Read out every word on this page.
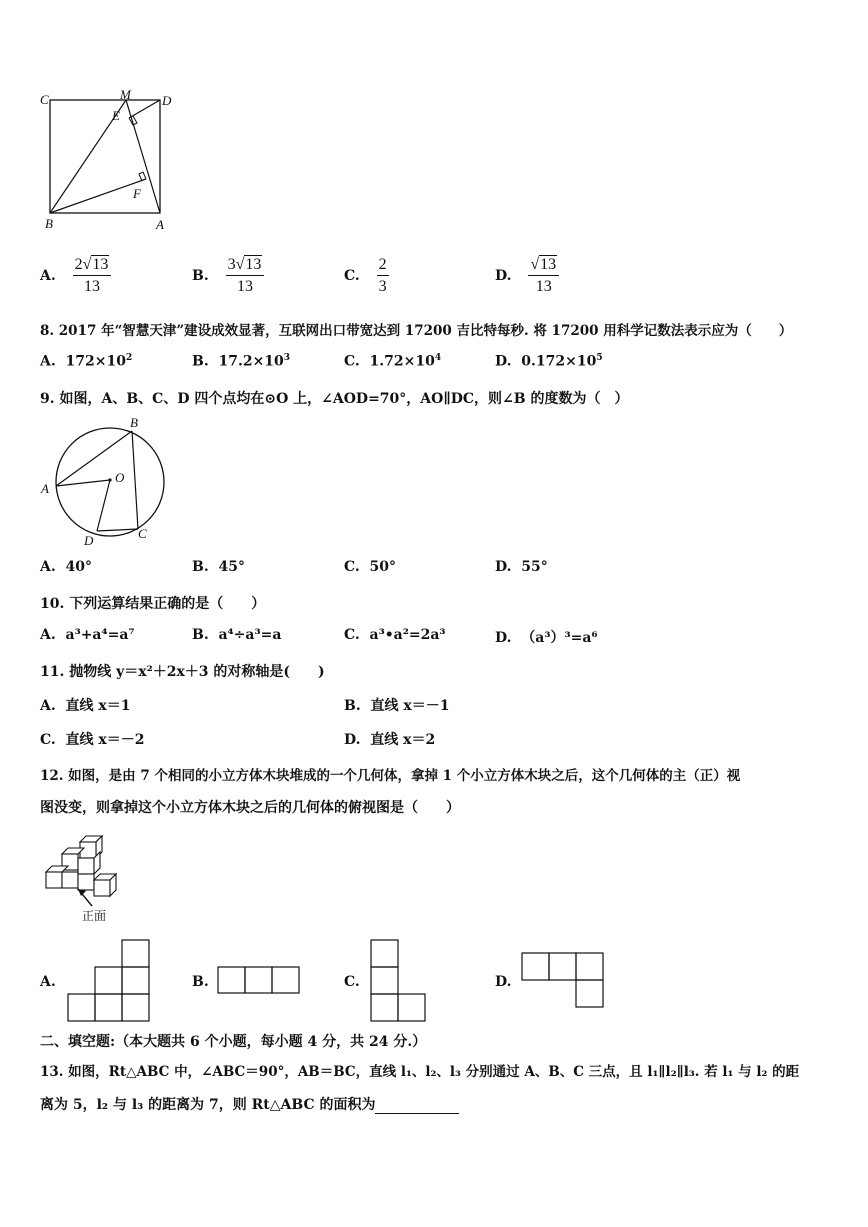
C	M D
E
F
B	A
A. $\frac{2√13}{13}$	B. $\frac{3√13}{13}$	C. $\frac{2}{3}$	D. $\frac{√13}{13}$
8. 2017 年“智慧天津”建设成效显著，互联网出口带宽达到 17200 吉比特每秒. 将 17200 用科学记数法表示应为（　　）
A. $172\times 10^2$	B. $17.2\times 10^3$	C. $1.72\times 10^4$	D. $0.172\times 10^5$
9. 如图，A、B、C、D 四个点均在⊙O 上，∠AOD=70°，AO∥DC，则∠B 的度数为（　）
A
B
C
D
O
A. 40°	B. 45°	C. 50°	D. 55°
10. 下列运算结果正确的是（　　）
A. a³+a⁴=a⁷	B. a⁴÷a³=a	C. a³•a²=2a³	D. （a³）³=a⁶
11. 抛物线 y＝x²＋2x＋3 的对称轴是(　　)
A. 直线 x＝1	B. 直线 x＝－1
C. 直线 x＝－2	D. 直线 x＝2
12. 如图，是由 7 个相同的小立方体木块堆成的一个几何体，拿掉 1 个小立方体木块之后，这个几何体的主（正）视
图没变，则拿掉这个小立方体木块之后的几何体的俯视图是（　　）
正面
A.	B.	C.	D.
二、填空题:（本大题共 6 个小题，每小题 4 分，共 24 分.）
13. 如图，Rt△ABC 中，∠ABC＝90°，AB＝BC，直线 l₁、l₂、l₃ 分别通过 A、B、C 三点，且 l₁∥l₂∥l₃. 若 l₁ 与 l₂ 的距
离为 5，l₂ 与 l₃ 的距离为 7，则 Rt△ABC 的面积为
